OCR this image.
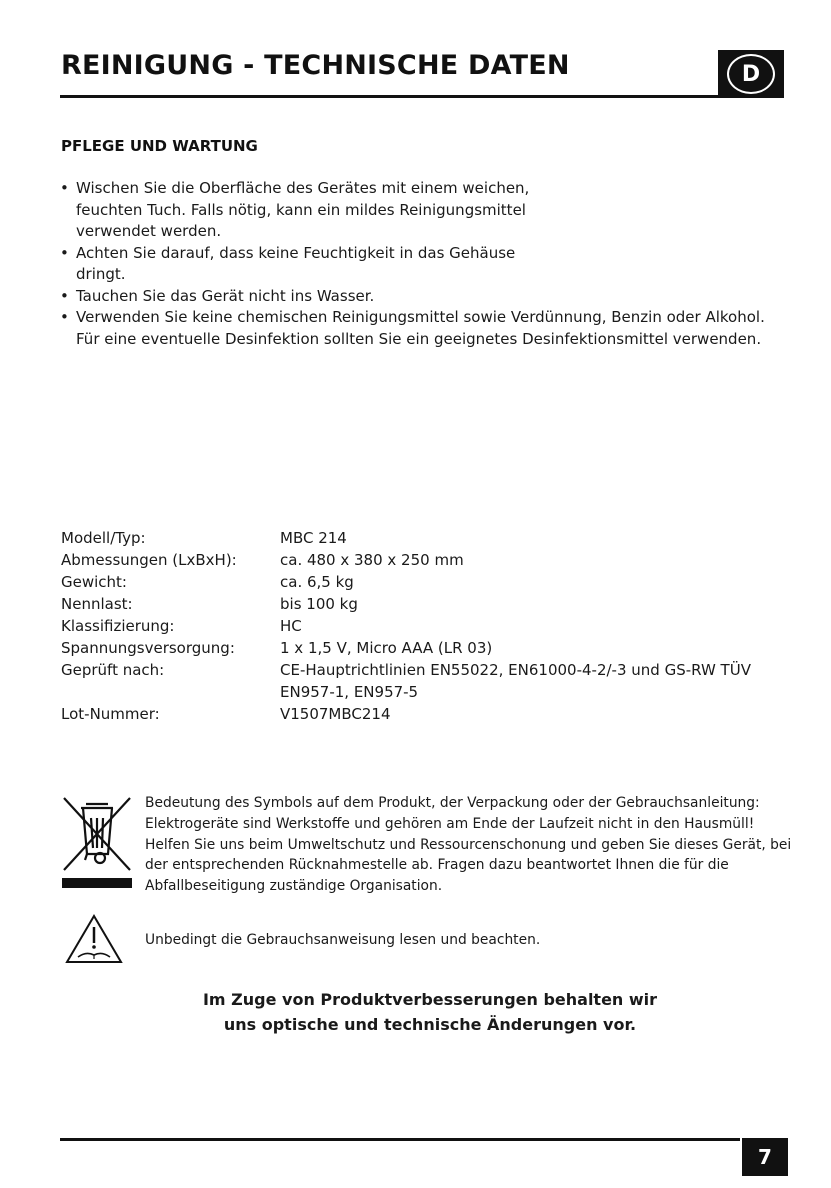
REINIGUNG - TECHNISCHE DATEN	D
PFLEGE UND WARTUNG
• Wischen Sie die Oberfläche des Gerätes mit einem weichen, feuchten Tuch. Falls nötig, kann ein mildes Reinigungsmittel verwendet werden.
• Achten Sie darauf, dass keine Feuchtigkeit in das Gehäuse dringt.
• Tauchen Sie das Gerät nicht ins Wasser.
• Verwenden Sie keine chemischen Reinigungsmittel sowie Verdünnung, Benzin oder Alkohol. Für eine eventuelle Desinfektion sollten Sie ein geeignetes Desinfektionsmittel verwenden.
Modell/Typ:	MBC 214
Abmessungen (LxBxH):	ca. 480 x 380 x 250 mm
Gewicht:	ca. 6,5 kg
Nennlast:	bis 100 kg
Klassifizierung:	HC
Spannungsversorgung:	1 x 1,5 V, Micro AAA (LR 03)
Geprüft nach:	CE-Hauptrichtlinien EN55022, EN61000-4-2/-3 und GS-RW TÜV EN957-1, EN957-5
Lot-Nummer:	V1507MBC214
Bedeutung des Symbols auf dem Produkt, der Verpackung oder der Gebrauchsanleitung: Elektrogeräte sind Werkstoffe und gehören am Ende der Laufzeit nicht in den Hausmüll! Helfen Sie uns beim Umweltschutz und Ressourcenschonung und geben Sie dieses Gerät, bei der entsprechenden Rücknahmestelle ab. Fragen dazu beantwortet Ihnen die für die Abfallbeseitigung zuständige Organisation.
Unbedingt die Gebrauchsanweisung lesen und beachten.
Im Zuge von Produktverbesserungen behalten wir
uns optische und technische Änderungen vor.
7
